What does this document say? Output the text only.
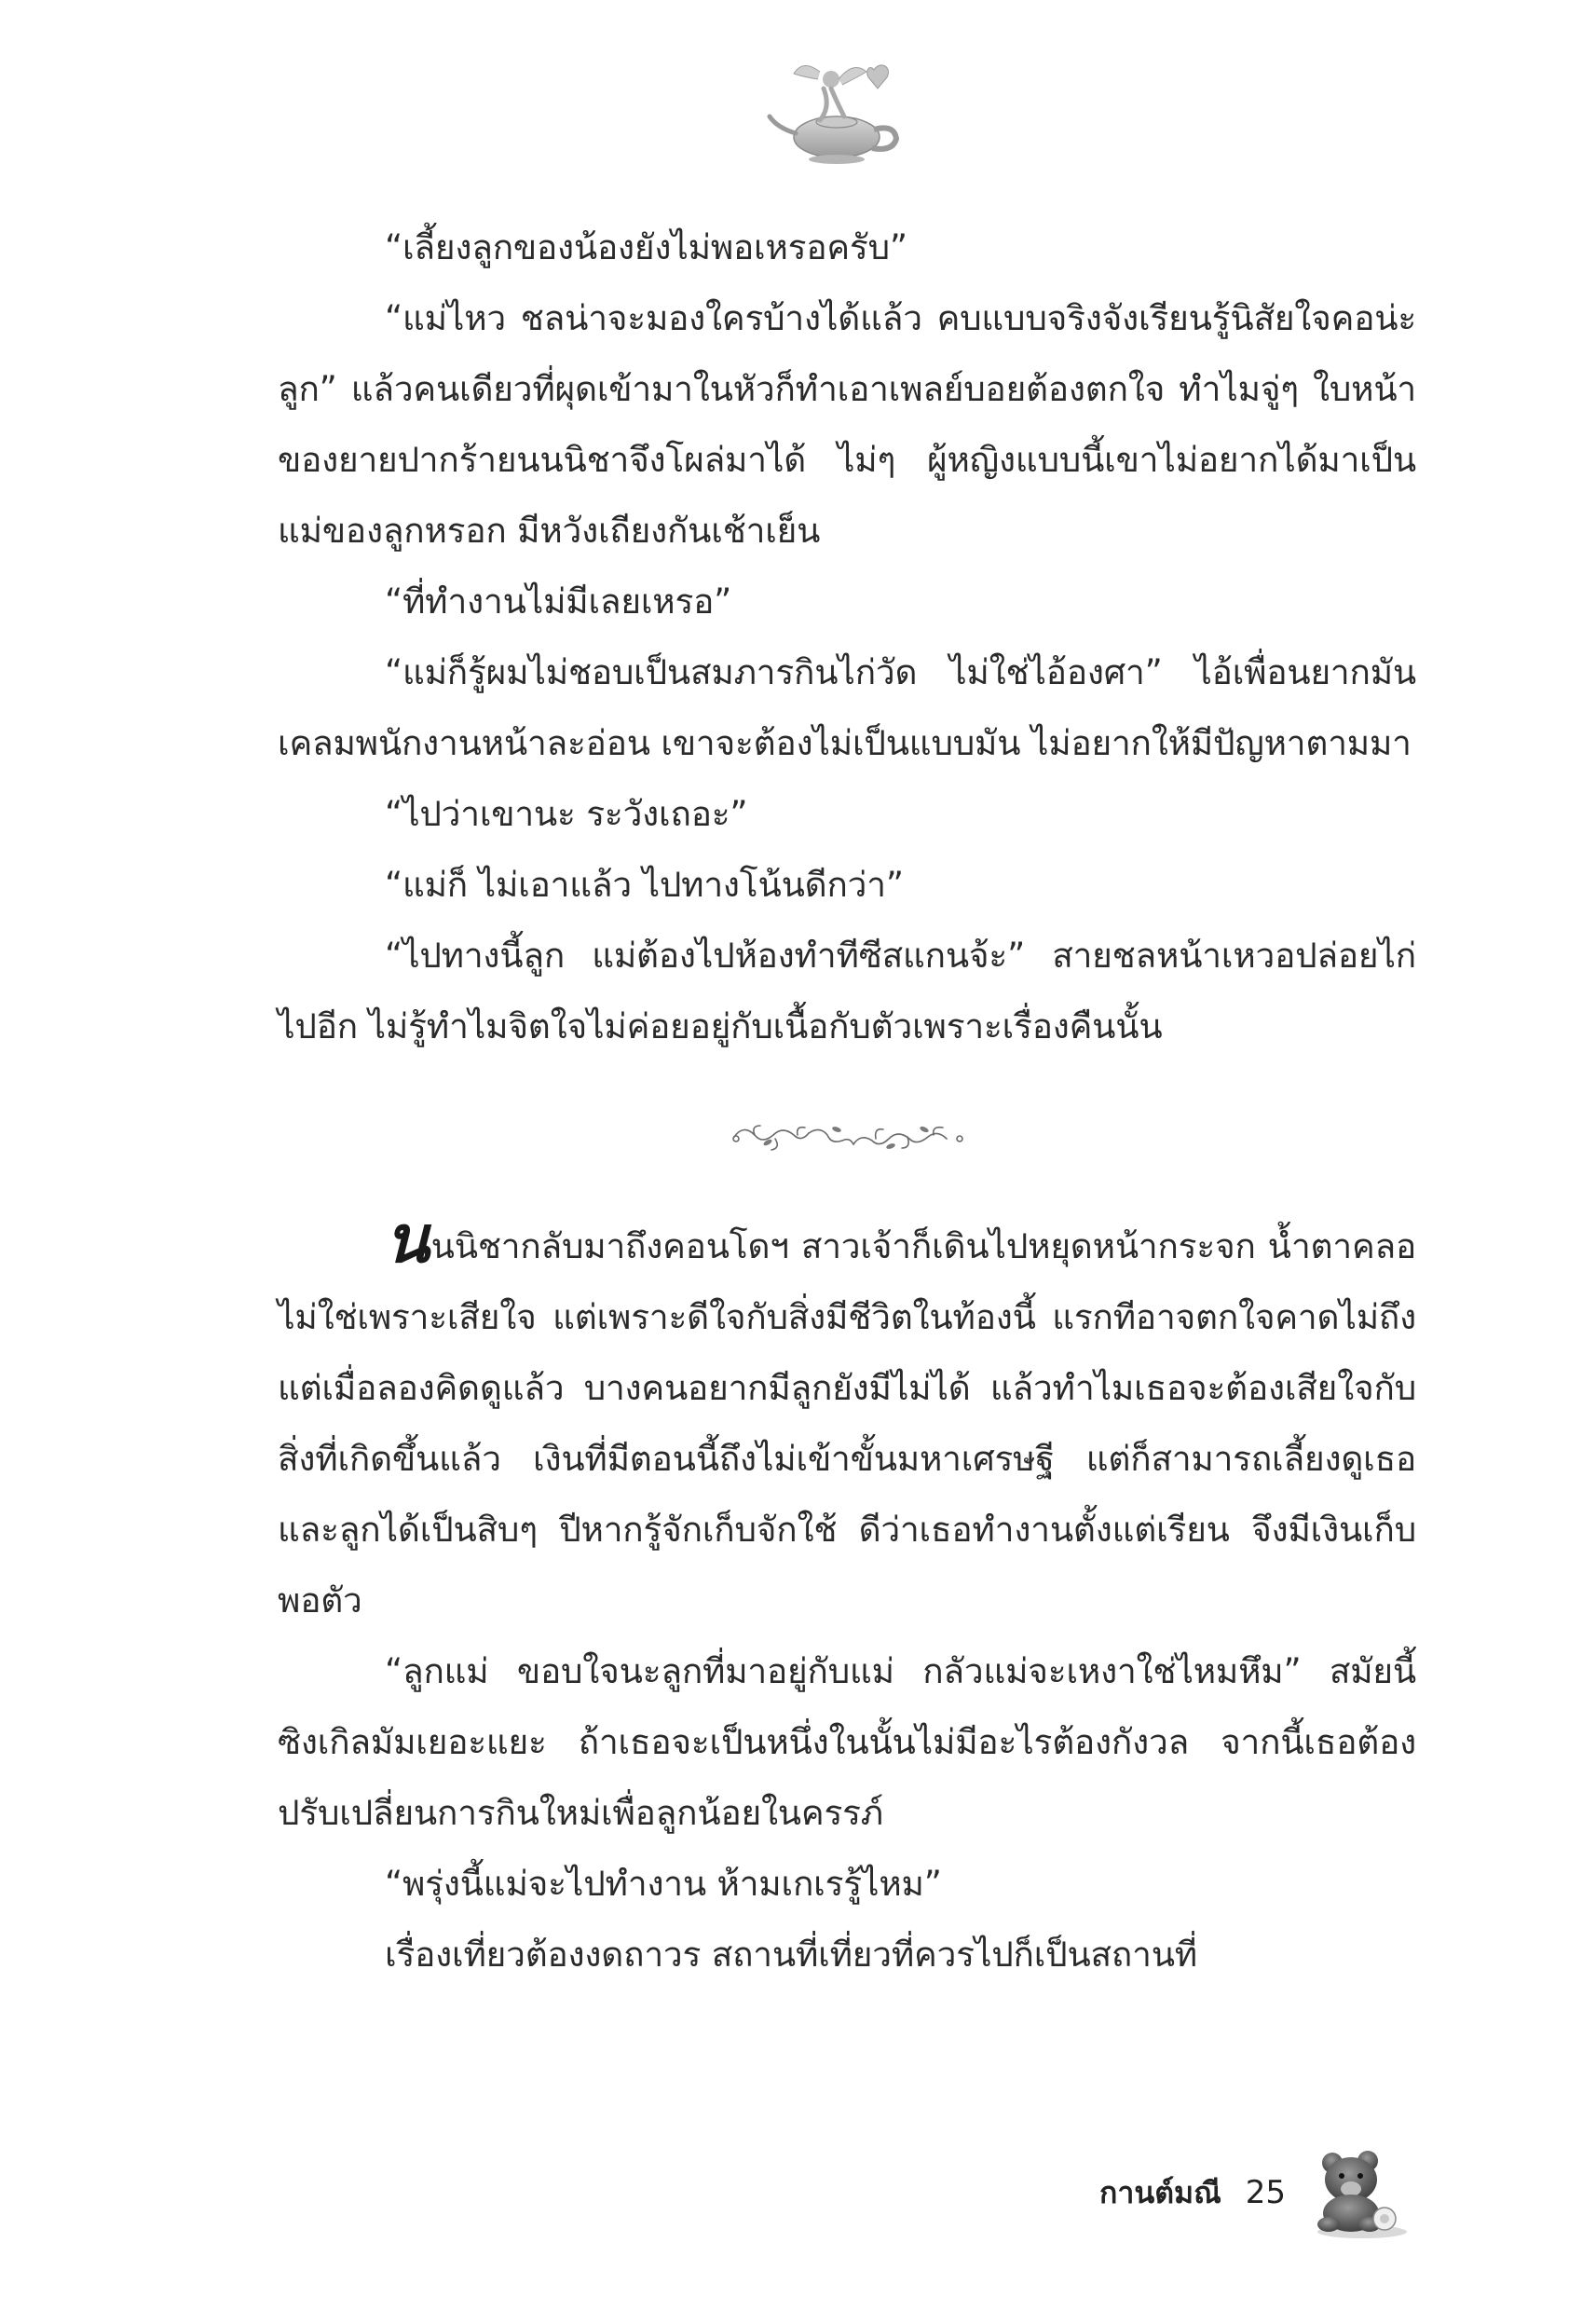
“เลี้ยงลูกของน้องยังไม่พอเหรอครับ”

“แม่ไหว ชลน่าจะมองใครบ้างได้แล้ว คบแบบจริงจังเรียนรู้นิสัยใจคอน่ะลูก” แล้วคนเดียวที่ผุดเข้ามาในหัวก็ทำเอาเพลย์บอยต้องตกใจ ทำไมจู่ๆ ใบหน้าของยายปากร้ายนนนิชาจึงโผล่มาได้ ไม่ๆ ผู้หญิงแบบนี้เขาไม่อยากได้มาเป็นแม่ของลูกหรอก มีหวังเถียงกันเช้าเย็น

“ที่ทำงานไม่มีเลยเหรอ”

“แม่ก็รู้ผมไม่ชอบเป็นสมภารกินไก่วัด ไม่ใช่ไอ้องศา” ไอ้เพื่อนยากมันเคลมพนักงานหน้าละอ่อน เขาจะต้องไม่เป็นแบบมัน ไม่อยากให้มีปัญหาตามมา

“ไปว่าเขานะ ระวังเถอะ”

“แม่ก็ ไม่เอาแล้ว ไปทางโน้นดีกว่า”

“ไปทางนี้ลูก แม่ต้องไปห้องทำทีซีสแกนจ้ะ” สายชลหน้าเหวอปล่อยไก่ไปอีก ไม่รู้ทำไมจิตใจไม่ค่อยอยู่กับเนื้อกับตัวเพราะเรื่องคืนนั้น

นนนิชากลับมาถึงคอนโดฯ สาวเจ้าก็เดินไปหยุดหน้ากระจก น้ำตาคลอไม่ใช่เพราะเสียใจ แต่เพราะดีใจกับสิ่งมีชีวิตในท้องนี้ แรกทีอาจตกใจคาดไม่ถึง แต่เมื่อลองคิดดูแล้ว บางคนอยากมีลูกยังมีไม่ได้ แล้วทำไมเธอจะต้องเสียใจกับสิ่งที่เกิดขึ้นแล้ว เงินที่มีตอนนี้ถึงไม่เข้าขั้นมหาเศรษฐี แต่ก็สามารถเลี้ยงดูเธอและลูกได้เป็นสิบๆ ปีหากรู้จักเก็บจักใช้ ดีว่าเธอทำงานตั้งแต่เรียน จึงมีเงินเก็บพอตัว

“ลูกแม่ ขอบใจนะลูกที่มาอยู่กับแม่ กลัวแม่จะเหงาใช่ไหมหึม” สมัยนี้ซิงเกิลมัมเยอะแยะ ถ้าเธอจะเป็นหนึ่งในนั้นไม่มีอะไรต้องกังวล จากนี้เธอต้องปรับเปลี่ยนการกินใหม่เพื่อลูกน้อยในครรภ์

“พรุ่งนี้แม่จะไปทำงาน ห้ามเกเรรู้ไหม”

เรื่องเที่ยวต้องงดถาวร สถานที่เที่ยวที่ควรไปก็เป็นสถานที่

กานต์มณี 25
